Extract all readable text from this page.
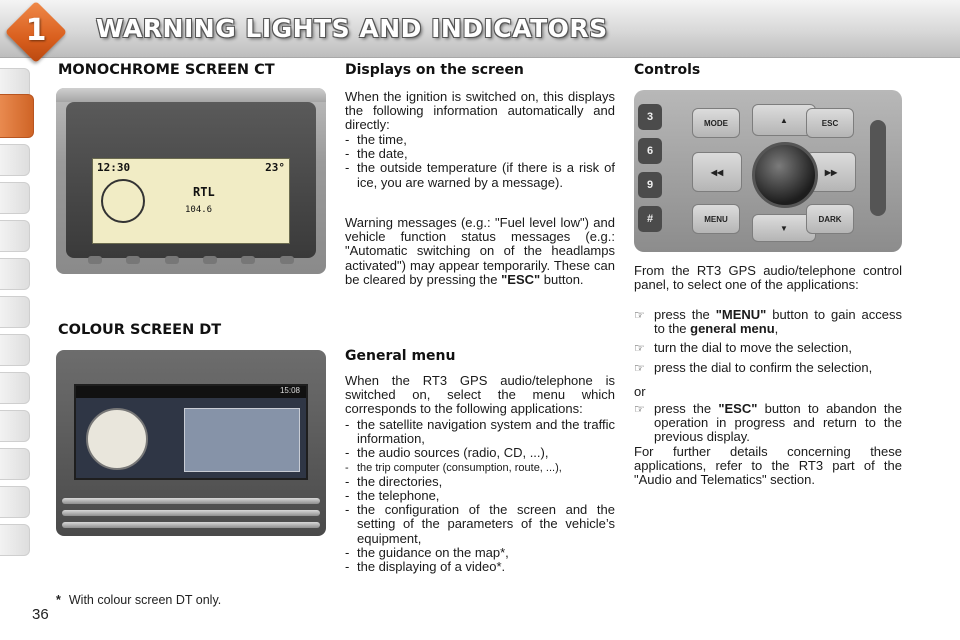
1	WARNING LIGHTS AND INDICATORS
MONOCHROME SCREEN CT
12:30	23°
RTL
104.6
COLOUR SCREEN DT
15:08
* With colour screen DT only.
36
Displays on the screen
When the ignition is switched on, this displays the following information automatically and directly:
- the time,
- the date,
- the outside temperature (if there is a risk of ice, you are warned by a message).
Warning messages (e.g.: "Fuel level low") and vehicle function status messages (e.g.: "Automatic switching on of the headlamps activated") may appear temporarily. These can be cleared by pressing the "ESC" button.
General menu
When the RT3 GPS audio/telephone is switched on, select the menu which corresponds to the following applications:
- the satellite navigation system and the traffic information,
- the audio sources (radio, CD, ...),
- the trip computer (consumption, route, ...),
- the directories,
- the telephone,
- the configuration of the screen and the setting of the parameters of the vehicle’s equipment,
- the guidance on the map*,
- the displaying of a video*.
Controls
3
6
9
#
MODE	▲	ESC
◀◀	▶▶
MENU
▼
DARK
From the RT3 GPS audio/telephone control panel, to select one of the applications:
☞ press the "MENU" button to gain access to the general menu,
☞ turn the dial to move the selection,
☞ press the dial to confirm the selection,
or
☞ press the "ESC" button to abandon the operation in progress and return to the previous display.
For further details concerning these applications, refer to the RT3 part of the "Audio and Telematics" section.
